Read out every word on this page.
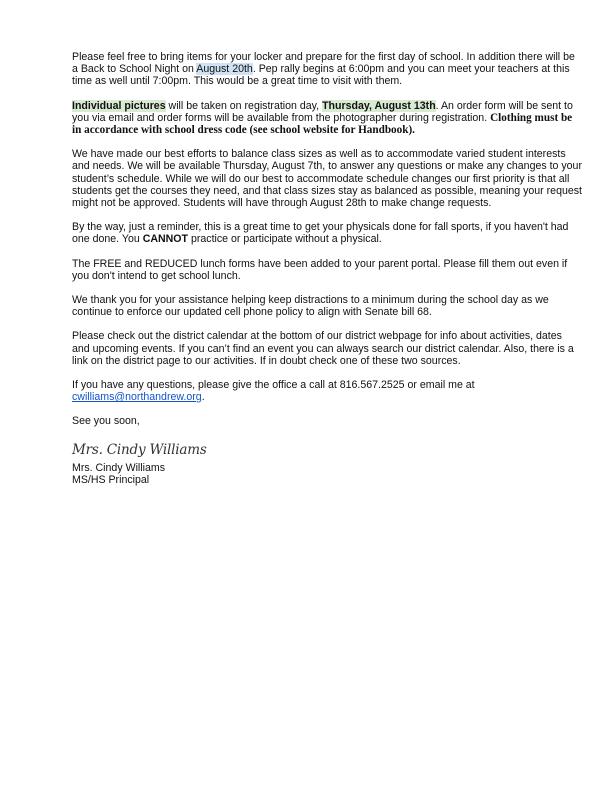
Please feel free to bring items for your locker and prepare for the first day of school. In addition there will be a Back to School Night on August 20th. Pep rally begins at 6:00pm and you can meet your teachers at this time as well until 7:00pm. This would be a great time to visit with them.

Individual pictures will be taken on registration day, Thursday, August 13th. An order form will be sent to you via email and order forms will be available from the photographer during registration. Clothing must be in accordance with school dress code (see school website for Handbook).

We have made our best efforts to balance class sizes as well as to accommodate varied student interests and needs. We will be available Thursday, August 7th, to answer any questions or make any changes to your student’s schedule. While we will do our best to accommodate schedule changes our first priority is that all students get the courses they need, and that class sizes stay as balanced as possible, meaning your request might not be approved. Students will have through August 28th to make change requests.

By the way, just a reminder, this is a great time to get your physicals done for fall sports, if you haven't had one done. You CANNOT practice or participate without a physical.

The FREE and REDUCED lunch forms have been added to your parent portal. Please fill them out even if you don't intend to get school lunch.

We thank you for your assistance helping keep distractions to a minimum during the school day as we continue to enforce our updated cell phone policy to align with Senate bill 68.

Please check out the district calendar at the bottom of our district webpage for info about activities, dates and upcoming events. If you can’t find an event you can always search our district calendar. Also, there is a link on the district page to our activities. If in doubt check one of these two sources.

If you have any questions, please give the office a call at 816.567.2525 or email me at cwilliams@northandrew.org.

See you soon,

Mrs. Cindy Williams
Mrs. Cindy Williams
MS/HS Principal
